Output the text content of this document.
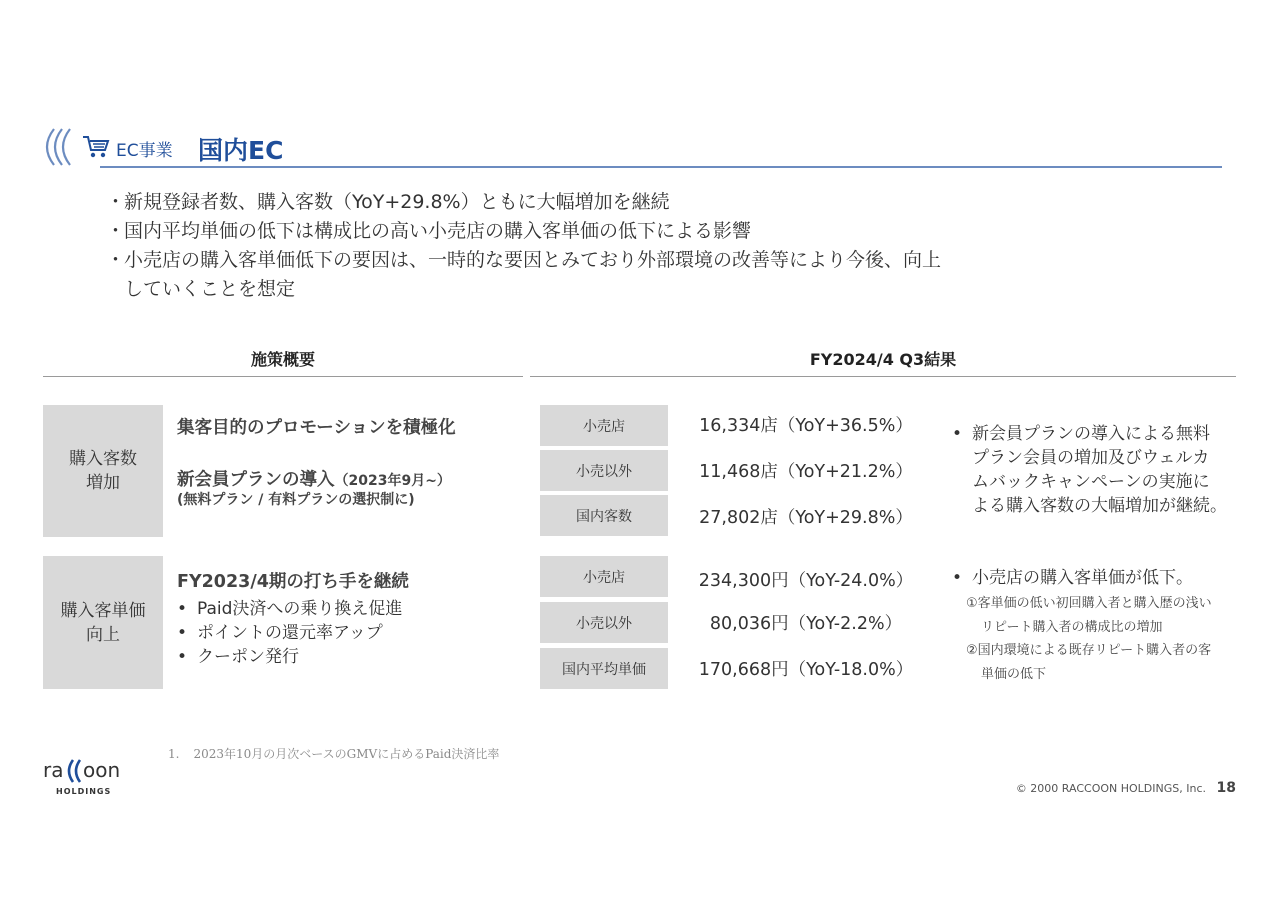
EC事業 国内EC
・
新規登録者数、購入客数（YoY+29.8%）ともに大幅増加を継続
・
国内平均単価の低下は構成比の高い小売店の購入客単価の低下による影響
・
小売店の購入客単価低下の要因は、一時的な要因とみており外部環境の改善等により今後、向上
していくことを想定
施策概要	FY2024/4 Q3結果
購入客数
増加
集客目的のプロモーションを積極化
新会員プランの導入（2023年9月~）
(無料プラン / 有料プランの選択制に)
小売店
小売以外
国内客数
16,334店（YoY+36.5%）
11,468店（YoY+21.2%）
27,802店（YoY+29.8%）
• 新会員プランの導入による無料
プラン会員の増加及びウェルカ
ムバックキャンペーンの実施に
よる購入客数の大幅増加が継続。
購入客単価
向上
FY2023/4期の打ち手を継続
• Paid決済への乗り換え促進
• ポイントの還元率アップ
• クーポン発行
小売店
小売以外
国内平均単価
234,300円（YoY-24.0%）
80,036円（YoY-2.2%）
170,668円（YoY-18.0%）
• 小売店の購入客単価が低下。
①客単価の低い初回購入者と購入歴の浅い
リピート購入者の構成比の増加
②国内環境による既存リピート購入者の客
単価の低下
1. 2023年10月の月次ベースのGMVに占めるPaid決済比率
ra oon
HOLDINGS	© 2000 RACCOON HOLDINGS, Inc. 18
